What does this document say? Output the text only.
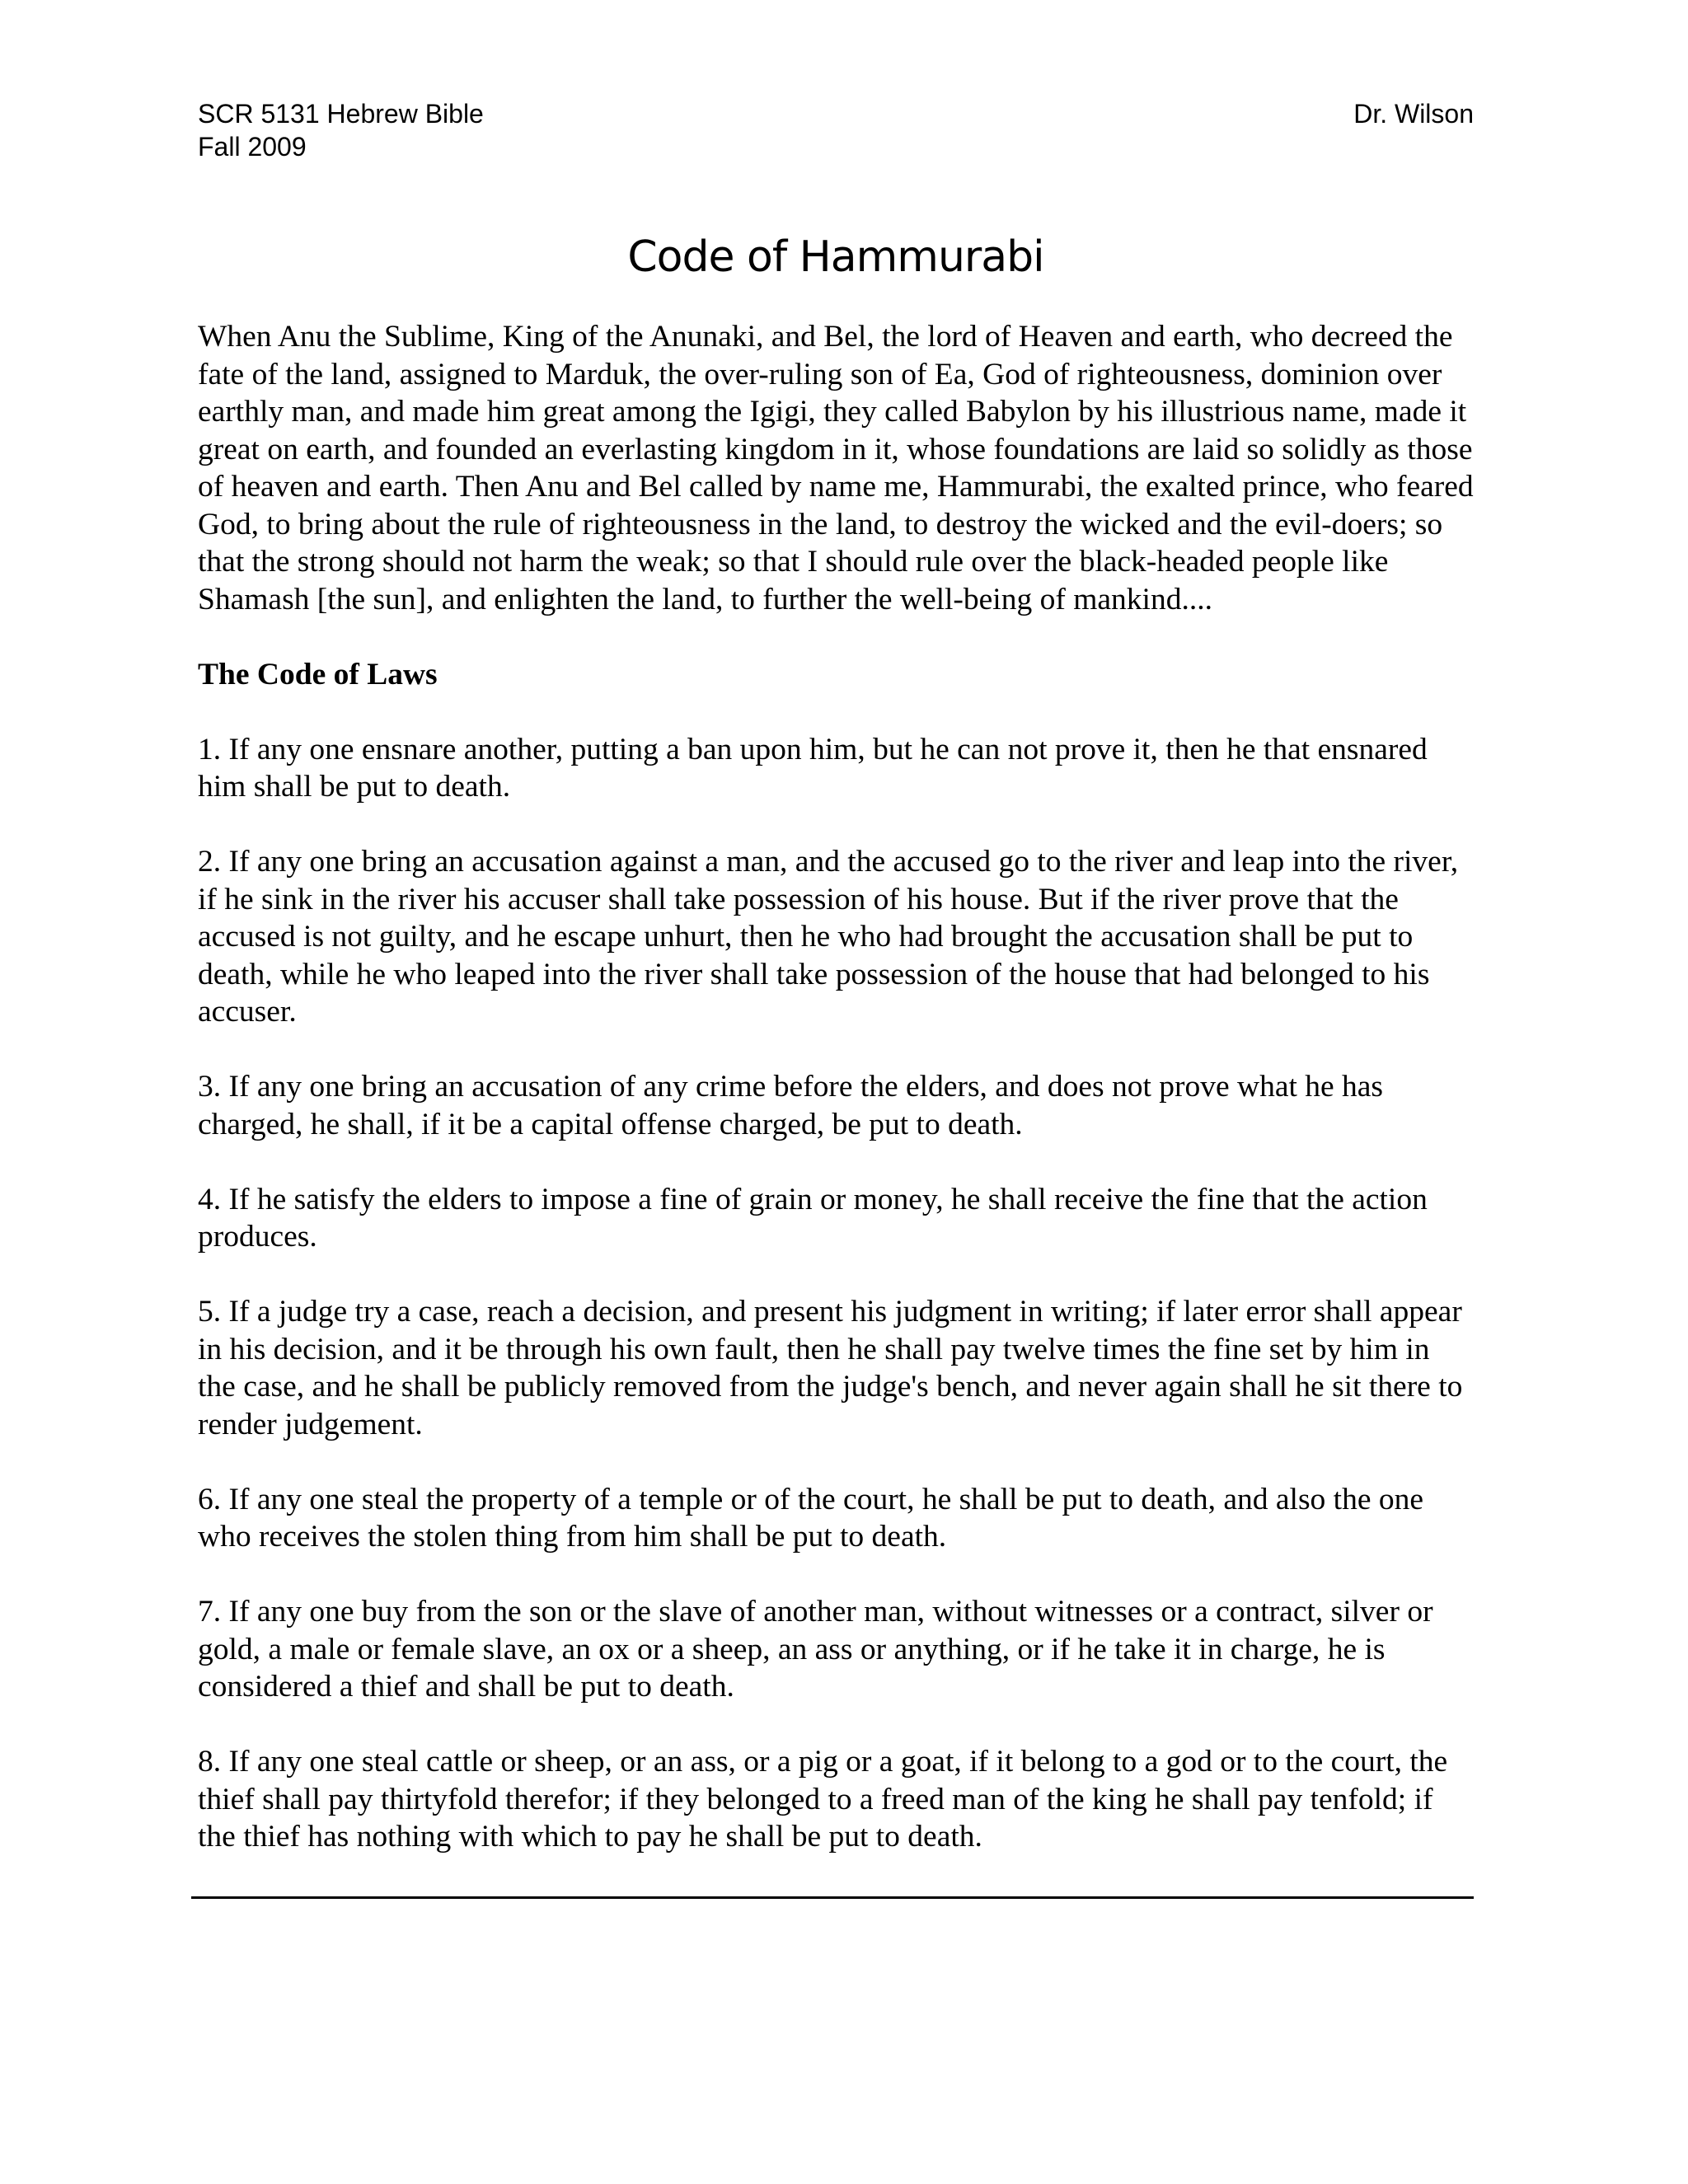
SCR 5131 Hebrew Bible
Fall 2009
Dr. Wilson
Code of Hammurabi

When Anu the Sublime, King of the Anunaki, and Bel, the lord of Heaven and earth, who decreed the fate of the land, assigned to Marduk, the over-ruling son of Ea, God of righteousness, dominion over earthly man, and made him great among the Igigi, they called Babylon by his illustrious name, made it great on earth, and founded an everlasting kingdom in it, whose foundations are laid so solidly as those of heaven and earth. Then Anu and Bel called by name me, Hammurabi, the exalted prince, who feared God, to bring about the rule of righteousness in the land, to destroy the wicked and the evil-doers; so that the strong should not harm the weak; so that I should rule over the black-headed people like Shamash [the sun], and enlighten the land, to further the well-being of mankind....

The Code of Laws

1. If any one ensnare another, putting a ban upon him, but he can not prove it, then he that ensnared him shall be put to death.

2. If any one bring an accusation against a man, and the accused go to the river and leap into the river, if he sink in the river his accuser shall take possession of his house. But if the river prove that the accused is not guilty, and he escape unhurt, then he who had brought the accusation shall be put to death, while he who leaped into the river shall take possession of the house that had belonged to his accuser.

3. If any one bring an accusation of any crime before the elders, and does not prove what he has charged, he shall, if it be a capital offense charged, be put to death.

4. If he satisfy the elders to impose a fine of grain or money, he shall receive the fine that the action produces.

5. If a judge try a case, reach a decision, and present his judgment in writing; if later error shall appear in his decision, and it be through his own fault, then he shall pay twelve times the fine set by him in the case, and he shall be publicly removed from the judge's bench, and never again shall he sit there to render judgement.

6. If any one steal the property of a temple or of the court, he shall be put to death, and also the one who receives the stolen thing from him shall be put to death.

7. If any one buy from the son or the slave of another man, without witnesses or a contract, silver or gold, a male or female slave, an ox or a sheep, an ass or anything, or if he take it in charge, he is considered a thief and shall be put to death.

8. If any one steal cattle or sheep, or an ass, or a pig or a goat, if it belong to a god or to the court, the thief shall pay thirtyfold therefor; if they belonged to a freed man of the king he shall pay tenfold; if the thief has nothing with which to pay he shall be put to death.
